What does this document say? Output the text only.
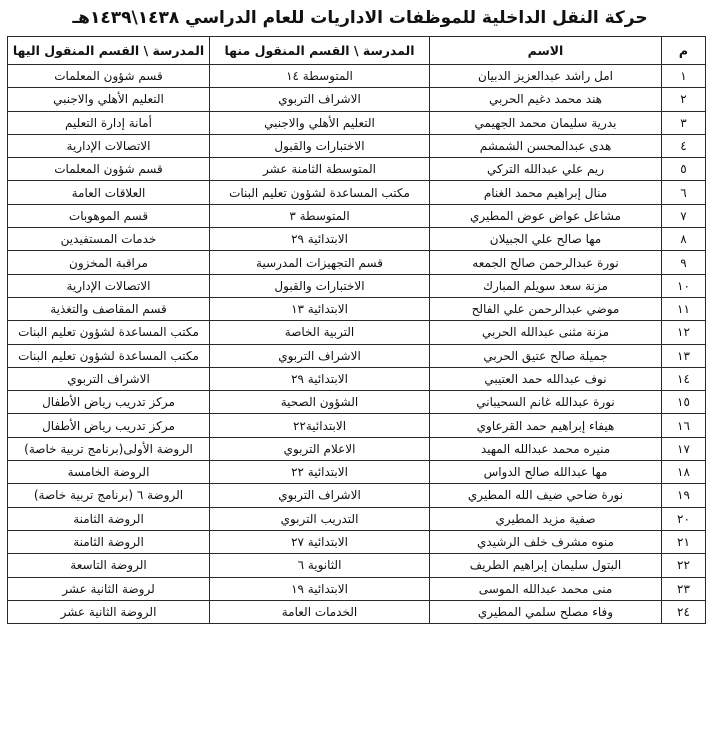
حركة النقل الداخلية للموظفات الاداريات للعام الدراسي ١٤٣٨\١٤٣٩هـ
م	الاسم	المدرسة \ القسم المنقول منها	المدرسة \ القسم المنقول اليها
١	امل راشد عبدالعزيز الدبيان	المتوسطة ١٤	قسم شؤون المعلمات
٢	هند محمد دغيم الحربي	الاشراف التربوي	التعليم الأهلي والاجنبي
٣	بدرية سليمان محمد الجهيمي	التعليم الأهلي والاجنبي	أمانة إدارة التعليم
٤	هدى عبدالمحسن الشمشم	الاختبارات والقبول	الاتصالات الإدارية
٥	ريم علي عبدالله التركي	المتوسطة الثامنة عشر	قسم شؤون المعلمات
٦	منال إبراهيم محمد الغنام	مكتب المساعدة لشؤون تعليم البنات	العلاقات العامة
٧	مشاعل عواض عوض المطيري	المتوسطة ٣	قسم الموهوبات
٨	مها صالح علي الجبيلان	الابتدائية ٢٩	خدمات المستفيدين
٩	نورة عبدالرحمن صالح الجمعه	قسم التجهيزات المدرسية	مراقبة المخزون
١٠	مزنة سعد سويلم المبارك	الاختبارات والقبول	الاتصالات الإدارية
١١	موضي عبدالرحمن علي الفالح	الابتدائية ١٣	قسم المقاصف والتغذية
١٢	مزنة مثنى عبدالله الحربي	التربية الخاصة	مكتب المساعدة لشؤون تعليم البنات
١٣	جميلة صالح عتيق الحربي	الاشراف التربوي	مكتب المساعدة لشؤون تعليم البنات
١٤	نوف عبدالله حمد العتيبي	الابتدائية ٢٩	الاشراف التربوي
١٥	نورة عبدالله غانم السحيباني	الشؤون الصحية	مركز تدريب رياض الأطفال
١٦	هيفاء إبراهيم حمد القرعاوي	الابتدائية٢٢	مركز تدريب رياض الأطفال
١٧	منيره محمد عبدالله المهيد	الاعلام التربوي	الروضة الأولى(برنامج تربية خاصة)
١٨	مها عبدالله صالح الدواس	الابتدائية ٢٢	الروضة الخامسة
١٩	نورة ضاحي ضيف الله المطيري	الاشراف التربوي	الروضة ٦ (برنامج تربية خاصة)
٢٠	صفية مزيد المطيري	التدريب التربوي	الروضة الثامنة
٢١	منوه مشرف خلف الرشيدي	الابتدائية ٢٧	الروضة الثامنة
٢٢	البتول سليمان إبراهيم الطريف	الثانوية ٦	الروضة التاسعة
٢٣	منى محمد عبدالله الموسى	الابتدائية ١٩	لروضة الثانية عشر
٢٤	وفاء مصلح سلمي المطيري	الخدمات العامة	الروضة الثانية عشر
